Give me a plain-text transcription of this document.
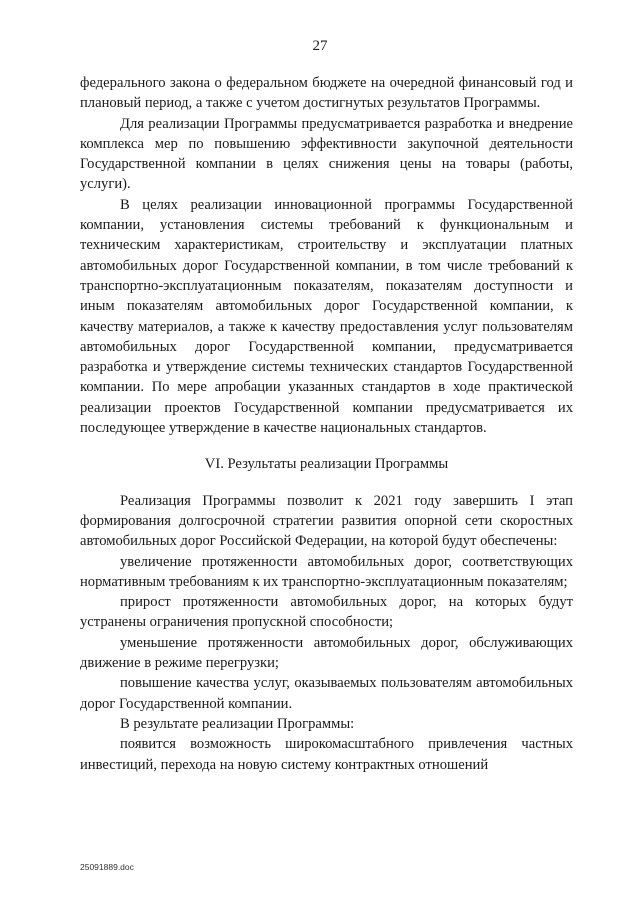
27

федерального закона о федеральном бюджете на очередной финансовый год и плановый период, а также с учетом достигнутых результатов Программы.

Для реализации Программы предусматривается разработка и внедрение комплекса мер по повышению эффективности закупочной деятельности Государственной компании в целях снижения цены на товары (работы, услуги).

В целях реализации инновационной программы Государственной компании, установления системы требований к функциональным и техническим характеристикам, строительству и эксплуатации платных автомобильных дорог Государственной компании, в том числе требований к транспортно-эксплуатационным показателям, показателям доступности и иным показателям автомобильных дорог Государственной компании, к качеству материалов, а также к качеству предоставления услуг пользователям автомобильных дорог Государственной компании, предусматривается разработка и утверждение системы технических стандартов Государственной компании. По мере апробации указанных стандартов в ходе практической реализации проектов Государственной компании предусматривается их последующее утверждение в качестве национальных стандартов.

VI. Результаты реализации Программы

Реализация Программы позволит к 2021 году завершить I этап формирования долгосрочной стратегии развития опорной сети скоростных автомобильных дорог Российской Федерации, на которой будут обеспечены:

увеличение протяженности автомобильных дорог, соответствующих нормативным требованиям к их транспортно-эксплуатационным показателям;

прирост протяженности автомобильных дорог, на которых будут устранены ограничения пропускной способности;

уменьшение протяженности автомобильных дорог, обслуживающих движение в режиме перегрузки;

повышение качества услуг, оказываемых пользователям автомобильных дорог Государственной компании.

В результате реализации Программы:

появится возможность широкомасштабного привлечения частных инвестиций, перехода на новую систему контрактных отношений

25091889.doc
